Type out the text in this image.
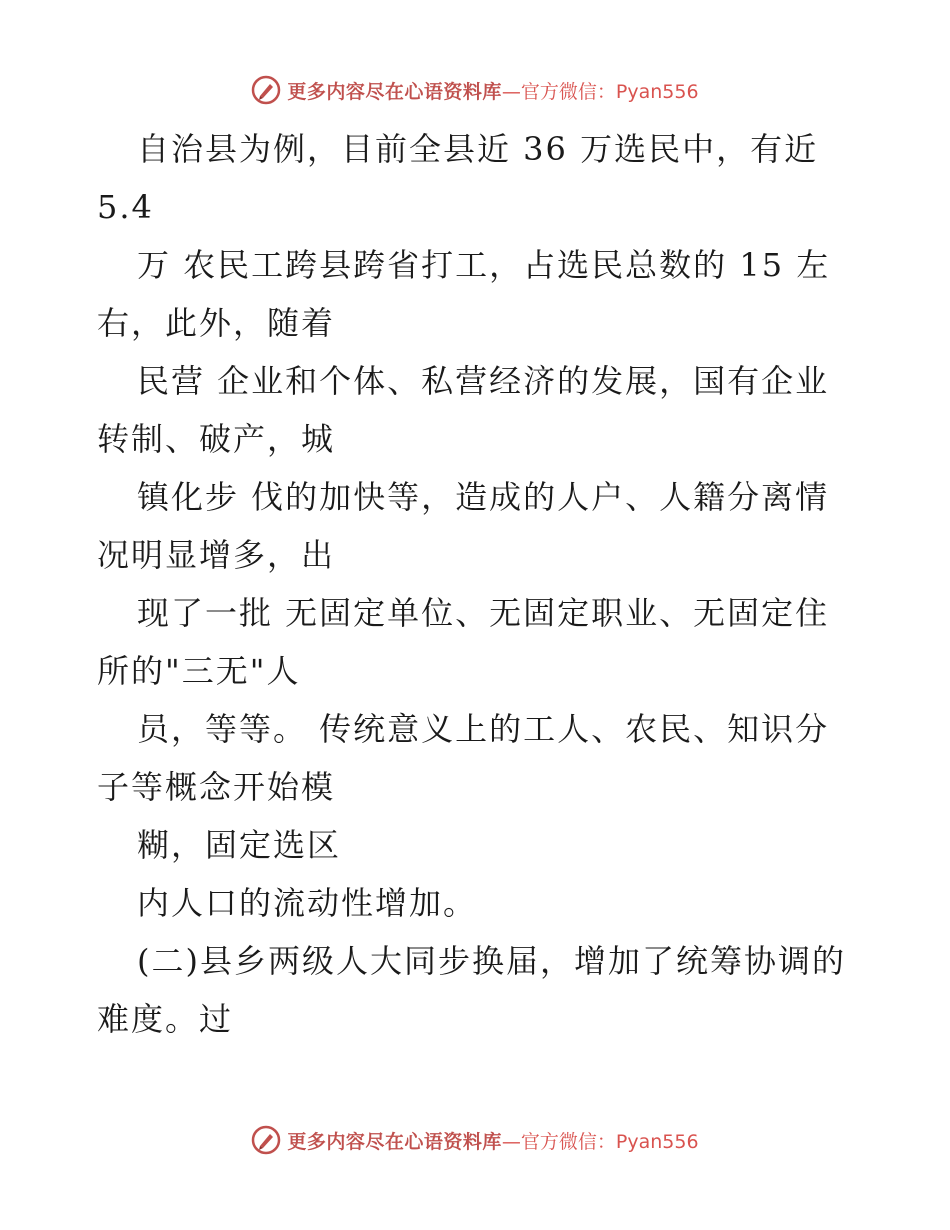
更多内容尽在心语资料库 —官方微信：Pyan556
自治县为例，目前全县近 36 万选民中，有近
5.4
万 农民工跨县跨省打工，占选民总数的 15 左
右，此外，随着
民营 企业和个体、私营经济的发展，国有企业
转制、破产，城
镇化步 伐的加快等，造成的人户、人籍分离情
况明显增多，出
现了一批 无固定单位、无固定职业、无固定住
所的"三无"人
员，等等。 传统意义上的工人、农民、知识分
子等概念开始模
糊，固定选区
内人口的流动性增加。
(二)县乡两级人大同步换届，增加了统筹协调的
难度。过
更多内容尽在心语资料库 —官方微信：Pyan556
